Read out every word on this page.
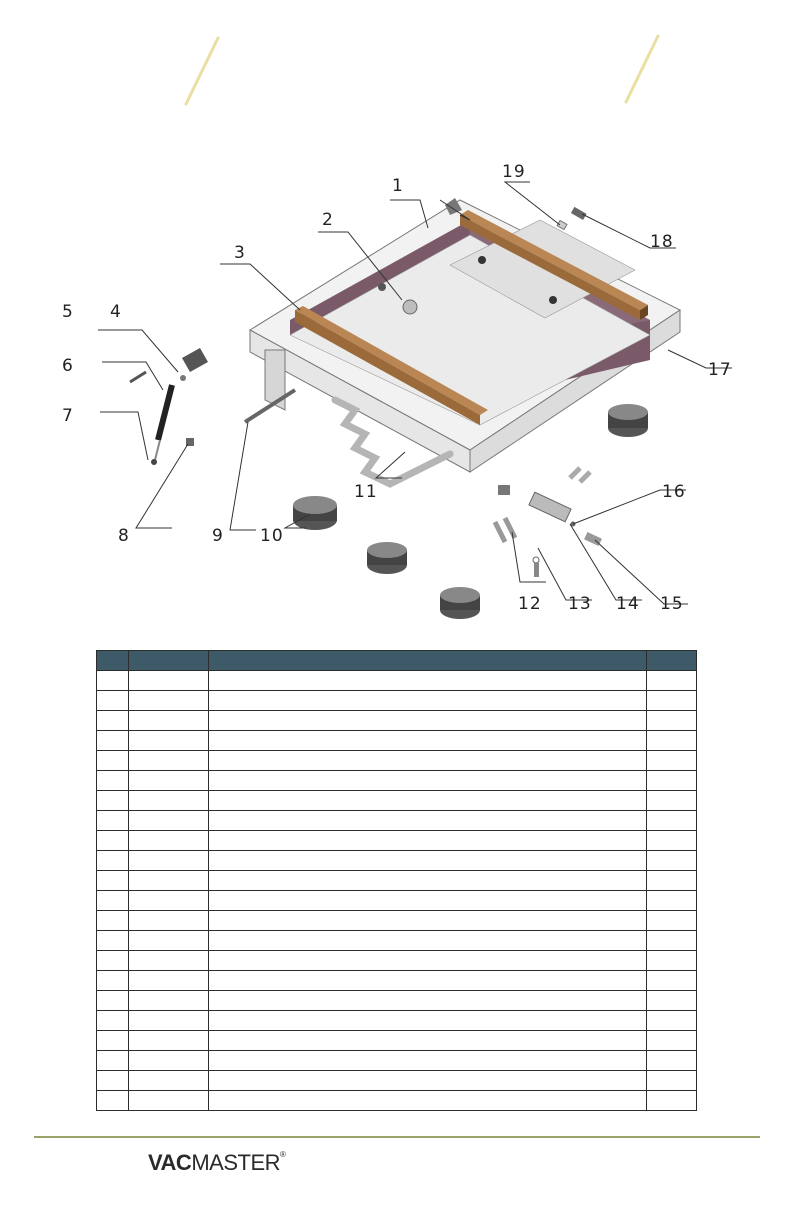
1
2
3
4
5
6
7
8	9 10
11
12 13 14 15
16
17
18
19

VACMASTER®
